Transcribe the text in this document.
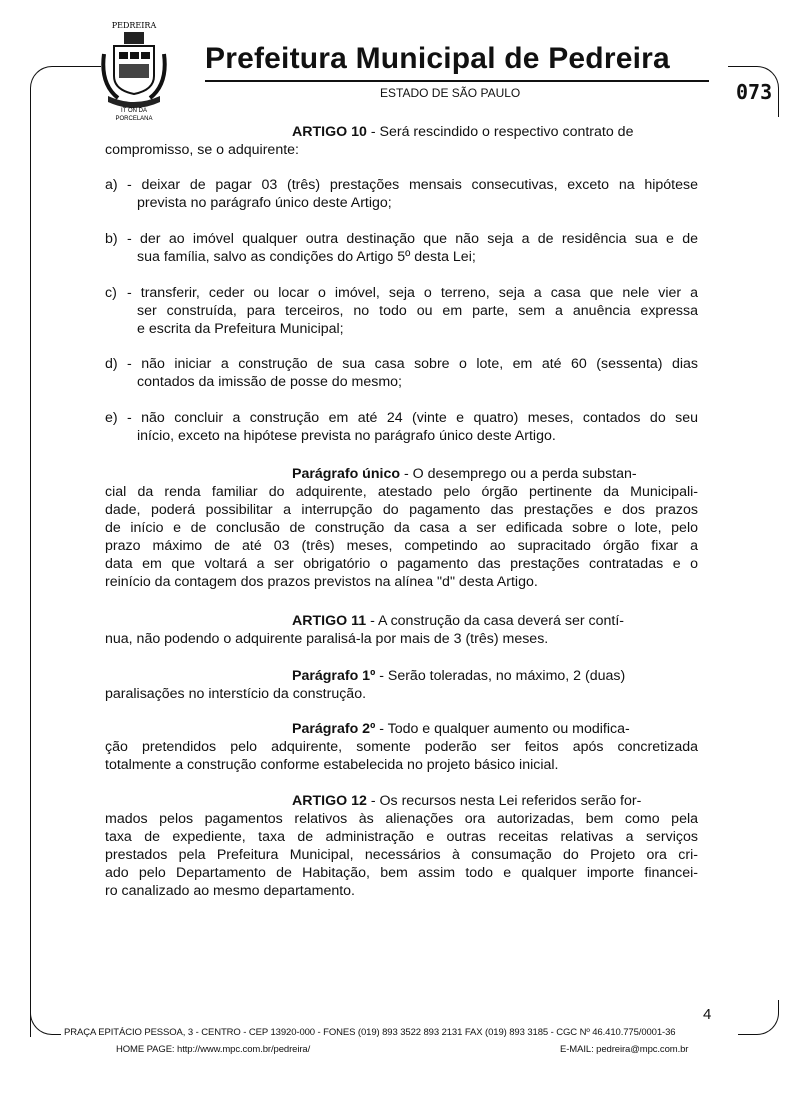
PEDREIRA
IT ON DA
PORCELANA
Prefeitura Municipal de Pedreira
ESTADO DE SÃO PAULO	073
ARTIGO 10 - Será rescindido o respectivo contrato de
compromisso, se o adquirente:
a) - deixar de pagar 03 (três) prestações mensais consecutivas, exceto na hipótese
prevista no parágrafo único deste Artigo;
b) - der ao imóvel qualquer outra destinação que não seja a de residência sua e de
sua família, salvo as condições do Artigo 5º desta Lei;
c) - transferir, ceder ou locar o imóvel, seja o terreno, seja a casa que nele vier a
ser construída, para terceiros, no todo ou em parte, sem a anuência expressa
e escrita da Prefeitura Municipal;
d) - não iniciar a construção de sua casa sobre o lote, em até 60 (sessenta) dias
contados da imissão de posse do mesmo;
e) - não concluir a construção em até 24 (vinte e quatro) meses, contados do seu
início, exceto na hipótese prevista no parágrafo único deste Artigo.
Parágrafo único - O desemprego ou a perda substan-
cial da renda familiar do adquirente, atestado pelo órgão pertinente da Municipali-
dade, poderá possibilitar a interrupção do pagamento das prestações e dos prazos
de início e de conclusão de construção da casa a ser edificada sobre o lote, pelo
prazo máximo de até 03 (três) meses, competindo ao supracitado órgão fixar a
data em que voltará a ser obrigatório o pagamento das prestações contratadas e o
reinício da contagem dos prazos previstos na alínea "d" desta Artigo.
ARTIGO 11 - A construção da casa deverá ser contí-
nua, não podendo o adquirente paralisá-la por mais de 3 (três) meses.
Parágrafo 1º - Serão toleradas, no máximo, 2 (duas)
paralisações no interstício da construção.
Parágrafo 2º - Todo e qualquer aumento ou modifica-
ção pretendidos pelo adquirente, somente poderão ser feitos após concretizada
totalmente a construção conforme estabelecida no projeto básico inicial.
ARTIGO 12 - Os recursos nesta Lei referidos serão for-
mados pelos pagamentos relativos às alienações ora autorizadas, bem como pela
taxa de expediente, taxa de administração e outras receitas relativas a serviços
prestados pela Prefeitura Municipal, necessários à consumação do Projeto ora cri-
ado pelo Departamento de Habitação, bem assim todo e qualquer importe financei-
ro canalizado ao mesmo departamento.
4
PRAÇA EPITÁCIO PESSOA, 3 - CENTRO - CEP 13920-000 - FONES (019) 893 3522 893 2131 FAX (019) 893 3185 - CGC Nº 46.410.775/0001-36
HOME PAGE: http://www.mpc.com.br/pedreira/	E-MAIL: pedreira@mpc.com.br
